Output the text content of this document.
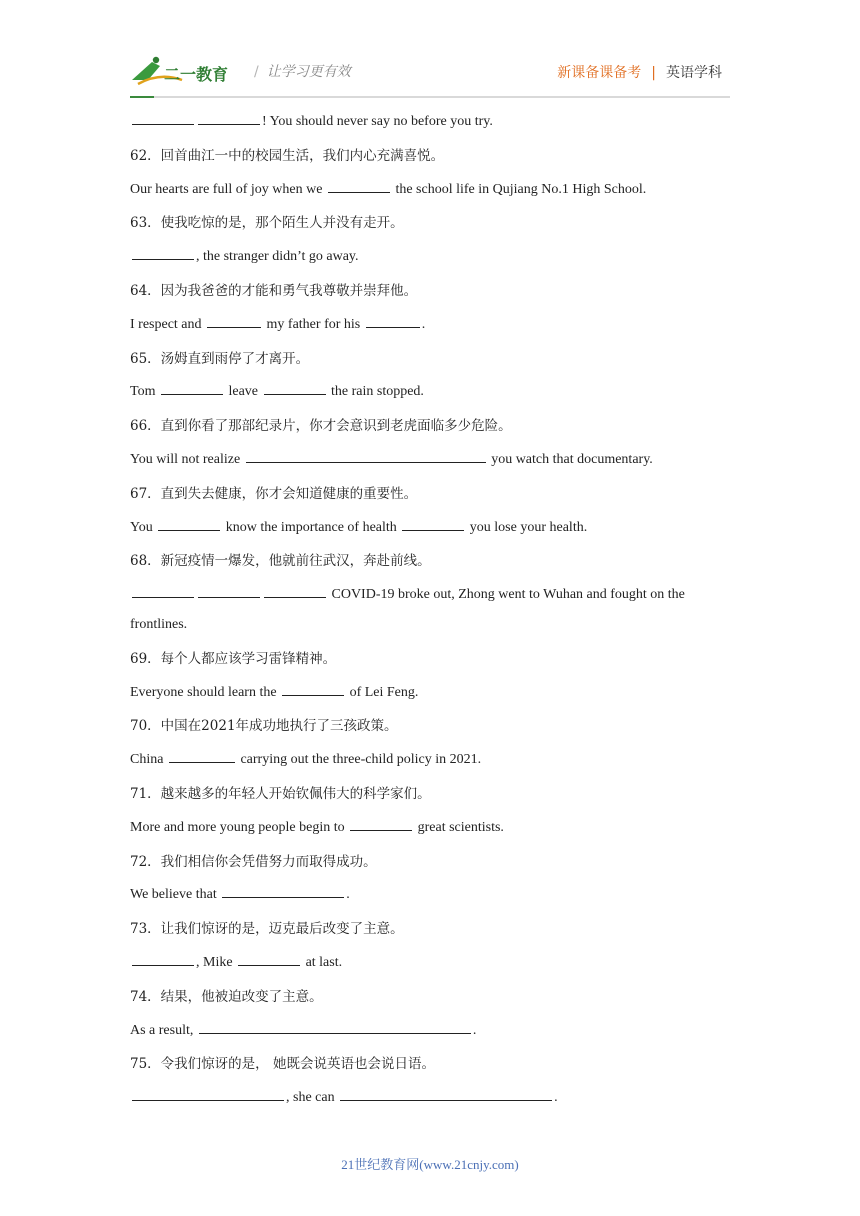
二一教育 / 让学习更有效	新课备课备考 | 英语学科
! You should never say no before you try.
62．回首曲江一中的校园生活，我们内心充满喜悦。
Our hearts are full of joy when we	the school life in Qujiang No.1 High School.
63．使我吃惊的是，那个陌生人并没有走开。
, the stranger didn’t go away.
64．因为我爸爸的才能和勇气我尊敬并崇拜他。
I respect and	my father for his	.
65．汤姆直到雨停了才离开。
Tom	leave	the rain stopped.
66．直到你看了那部纪录片，你才会意识到老虎面临多少危险。
You will not realize	you watch that documentary.
67．直到失去健康，你才会知道健康的重要性。
You	know the importance of health	you lose your health.
68．新冠疫情一爆发，他就前往武汉，奔赴前线。
COVID-19 broke out, Zhong went to Wuhan and fought on the
frontlines.
69．每个人都应该学习雷锋精神。
Everyone should learn the	of Lei Feng.
70．中国在2021年成功地执行了三孩政策。
China	carrying out the three-child policy in 2021.
71．越来越多的年轻人开始钦佩伟大的科学家们。
More and more young people begin to	great scientists.
72．我们相信你会凭借努力而取得成功。
We believe that	.
73．让我们惊讶的是，迈克最后改变了主意。
, Mike	at last.
74．结果，他被迫改变了主意。
As a result,	.
75．令我们惊讶的是， 她既会说英语也会说日语。
, she can	.
21世纪教育网(www.21cnjy.com)
